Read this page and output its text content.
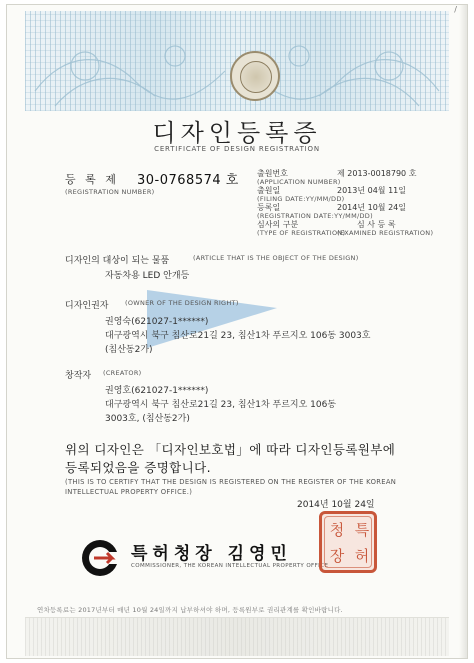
/
디자인등록증
CERTIFICATE OF DESIGN REGISTRATION
등 록 제 30-0768574 호
(REGISTRATION NUMBER)
출원번호
(APPLICATION NUMBER)
제 2013-0018790 호
출원일
(FILING DATE:YY/MM/DD)
2013년 04월 11일
등록일
(REGISTRATION DATE:YY/MM/DD)
2014년 10월 24일
심사의 구분
(TYPE OF REGISTRATION)
심 사 등 록
(EXAMINED REGISTRATION)
디자인의 대상이 되는 물품	(ARTICLE THAT IS THE OBJECT OF THE DESIGN)
자동차용 LED 안개등
디자인권자	(OWNER OF THE DESIGN RIGHT)
권영숙(621027-1******)
대구광역시 북구 침산로21길 23, 침산1차 푸르지오 106동 3003호
(침산동2가)
창작자 (CREATOR)
권영호(621027-1******)
대구광역시 북구 침산로21길 23, 침산1차 푸르지오 106동
3003호, (침산동2가)
위의 디자인은 「디자인보호법」에 따라 디자인등록원부에
등록되었음을 증명합니다.
(THIS IS TO CERTIFY THAT THE DESIGN IS REGISTERED ON THE REGISTER OF THE KOREAN
INTELLECTUAL PROPERTY OFFICE.)
2014년 10월 24일
특허청장 김영민
COMMISSIONER, THE KOREAN INTELLECTUAL PROPERTY OFFICE
특
허
청
장
연차등록료는 2017년부터 매년 10월 24일까지 납부하셔야 하며, 등록원부로 권리관계를 확인바랍니다.
